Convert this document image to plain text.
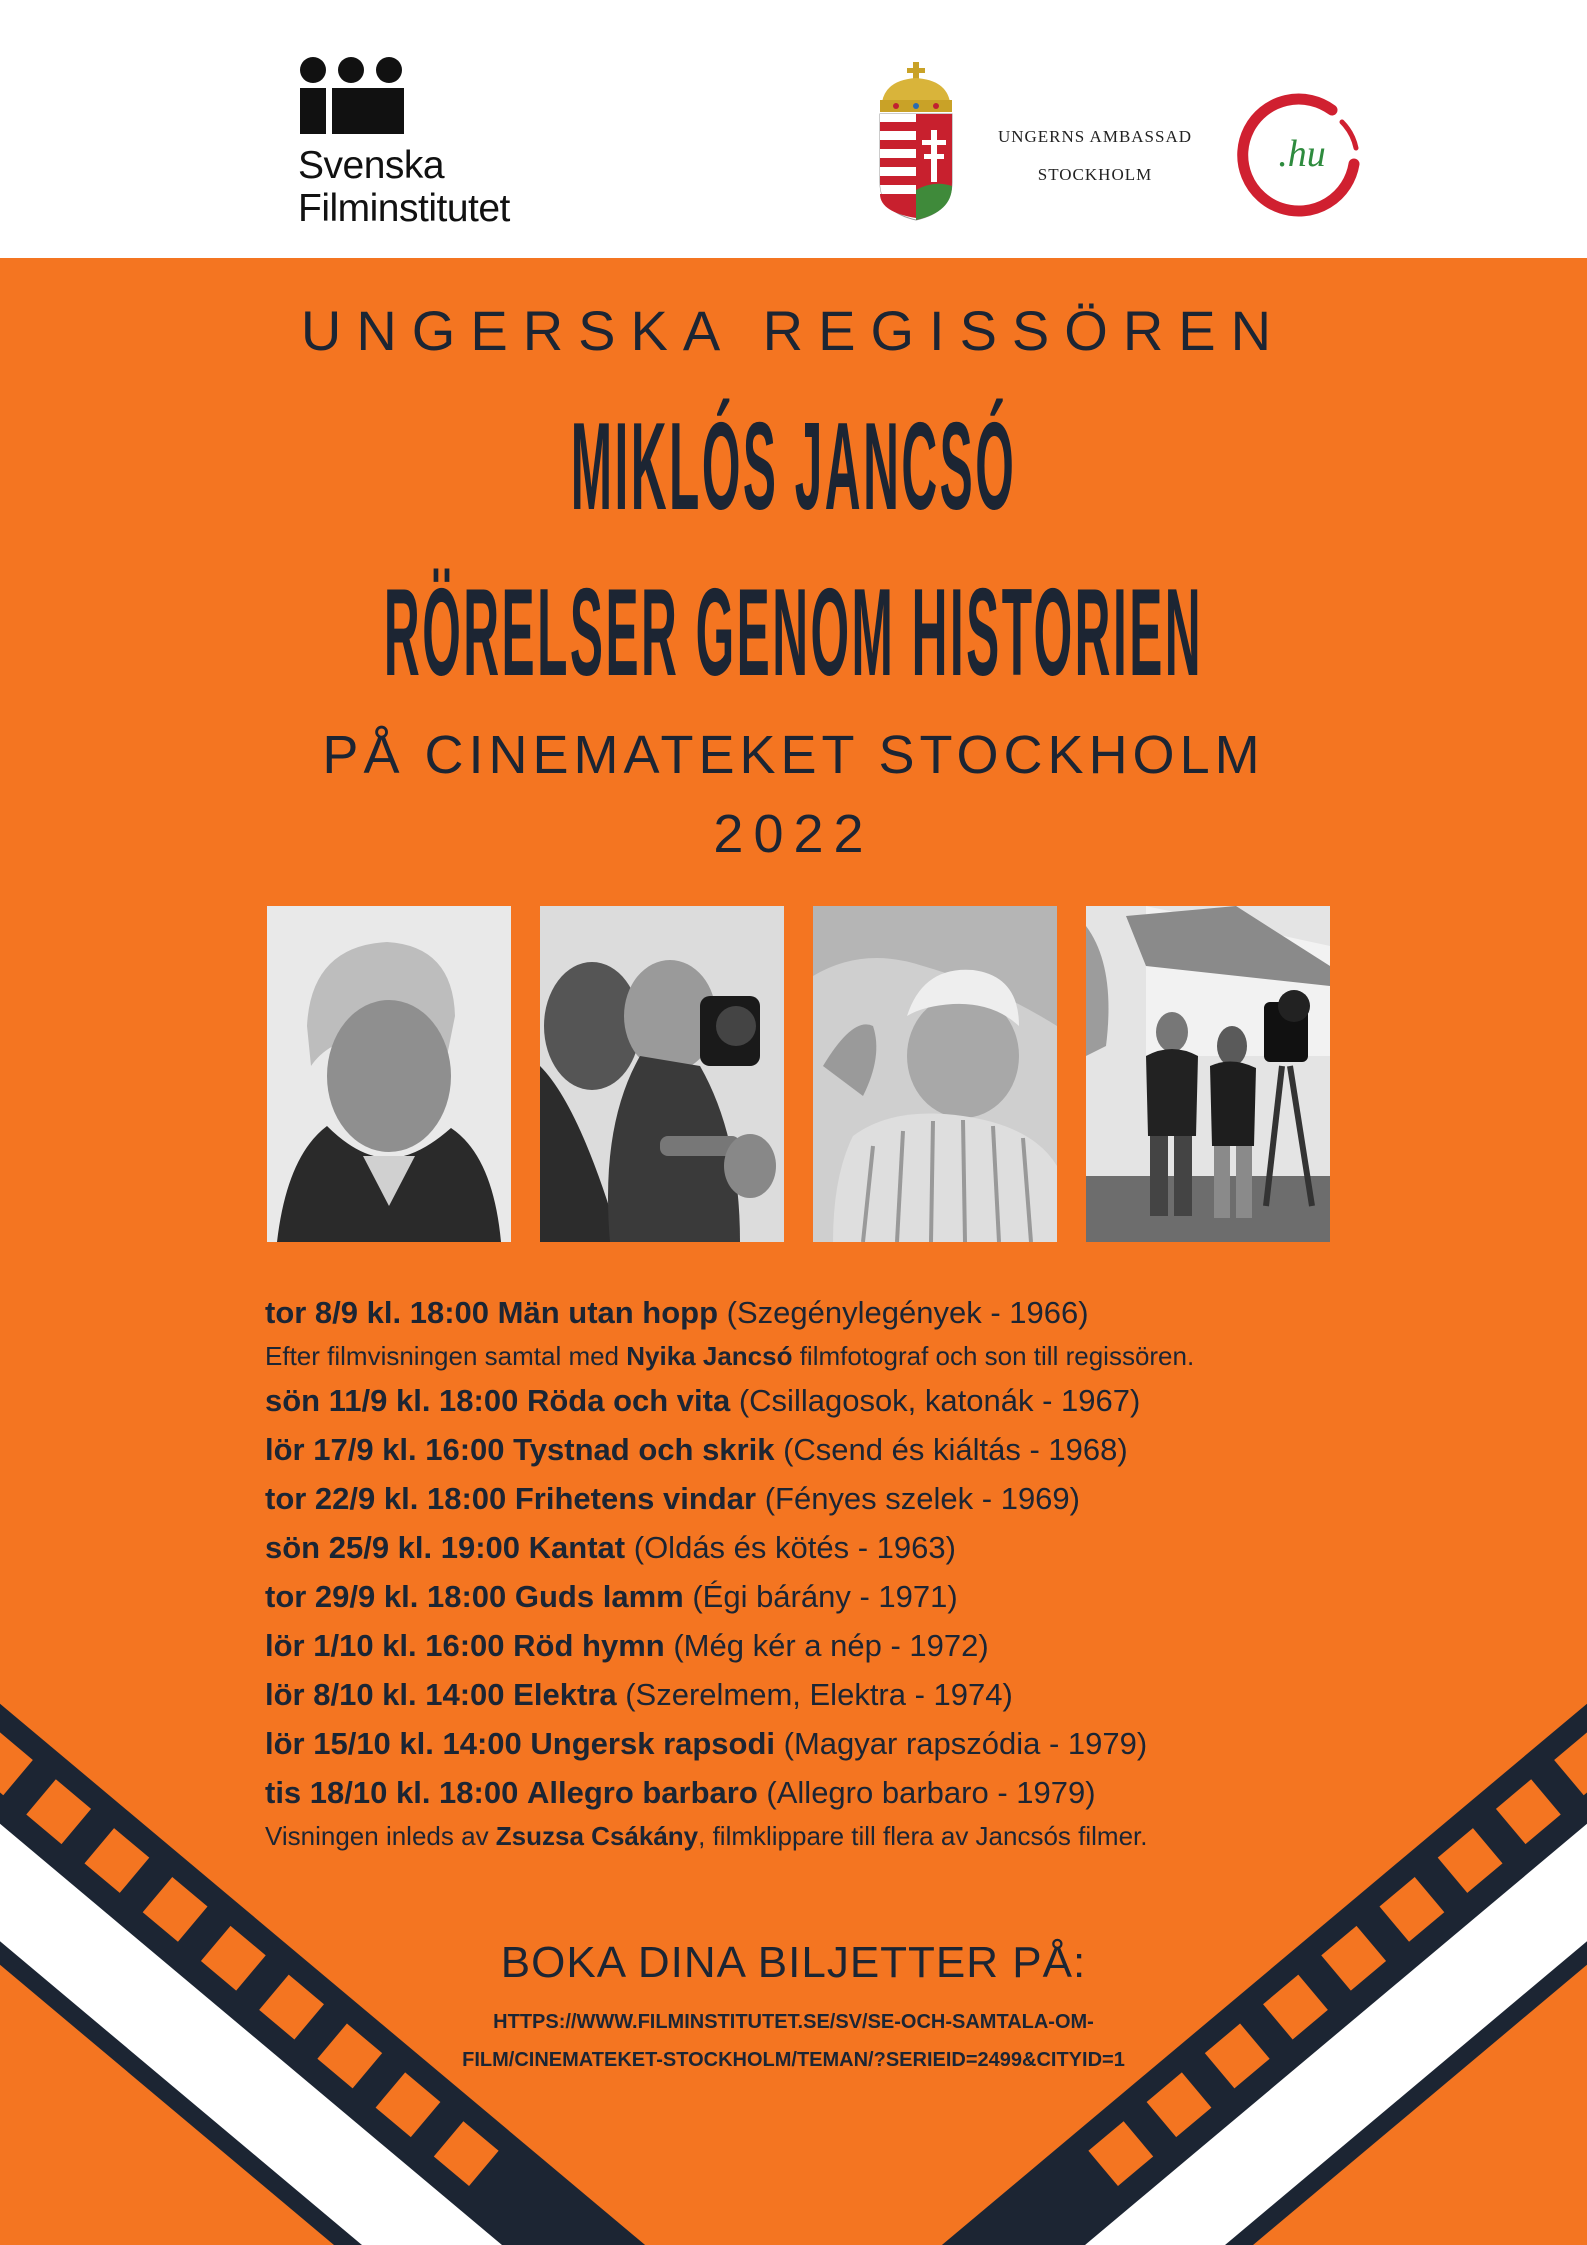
Svenska
Filminstitutet
UNGERNS AMBASSAD
STOCKHOLM	.hu
UNGERSKA REGISSÖREN
MIKLÓS JANCSÓ
RÖRELSER GENOM HISTORIEN
PÅ CINEMATEKET STOCKHOLM
2022
tor 8/9 kl. 18:00 Män utan hopp (Szegénylegények - 1966)
Efter filmvisningen samtal med Nyika Jancsó filmfotograf och son till regissören.
sön 11/9 kl. 18:00 Röda och vita (Csillagosok, katonák - 1967)
lör 17/9 kl. 16:00 Tystnad och skrik (Csend és kiáltás - 1968)
tor 22/9 kl. 18:00 Frihetens vindar (Fényes szelek - 1969)
sön 25/9 kl. 19:00 Kantat (Oldás és kötés - 1963)
tor 29/9 kl. 18:00 Guds lamm (Égi bárány - 1971)
lör 1/10 kl. 16:00 Röd hymn (Még kér a nép - 1972)
lör 8/10 kl. 14:00 Elektra (Szerelmem, Elektra - 1974)
lör 15/10 kl. 14:00 Ungersk rapsodi (Magyar rapszódia - 1979)
tis 18/10 kl. 18:00 Allegro barbaro (Allegro barbaro - 1979)
Visningen inleds av Zsuzsa Csákány, filmklippare till flera av Jancsós filmer.
BOKA DINA BILJETTER PÅ:
HTTPS://WWW.FILMINSTITUTET.SE/SV/SE-OCH-SAMTALA-OM-
FILM/CINEMATEKET-STOCKHOLM/TEMAN/?SERIEID=2499&CITYID=1
